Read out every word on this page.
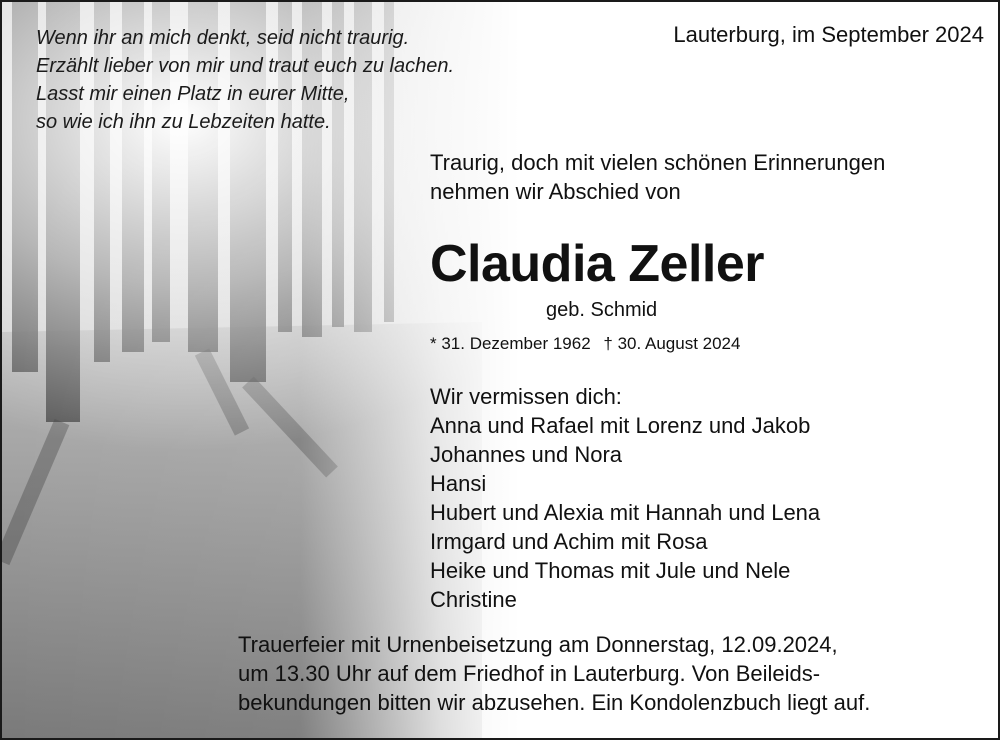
Wenn ihr an mich denkt, seid nicht traurig.
Erzählt lieber von mir und traut euch zu lachen.
Lasst mir einen Platz in eurer Mitte,
so wie ich ihn zu Lebzeiten hatte.
Lauterburg, im September 2024
Traurig, doch mit vielen schönen Erinnerungen
nehmen wir Abschied von
Claudia Zeller
geb. Schmid
* 31. Dezember 1962 † 30. August 2024
Wir vermissen dich:
Anna und Rafael mit Lorenz und Jakob
Johannes und Nora
Hansi
Hubert und Alexia mit Hannah und Lena
Irmgard und Achim mit Rosa
Heike und Thomas mit Jule und Nele
Christine
Trauerfeier mit Urnenbeisetzung am Donnerstag, 12.09.2024,
um 13.30 Uhr auf dem Friedhof in Lauterburg. Von Beileids-
bekundungen bitten wir abzusehen. Ein Kondolenzbuch liegt auf.
